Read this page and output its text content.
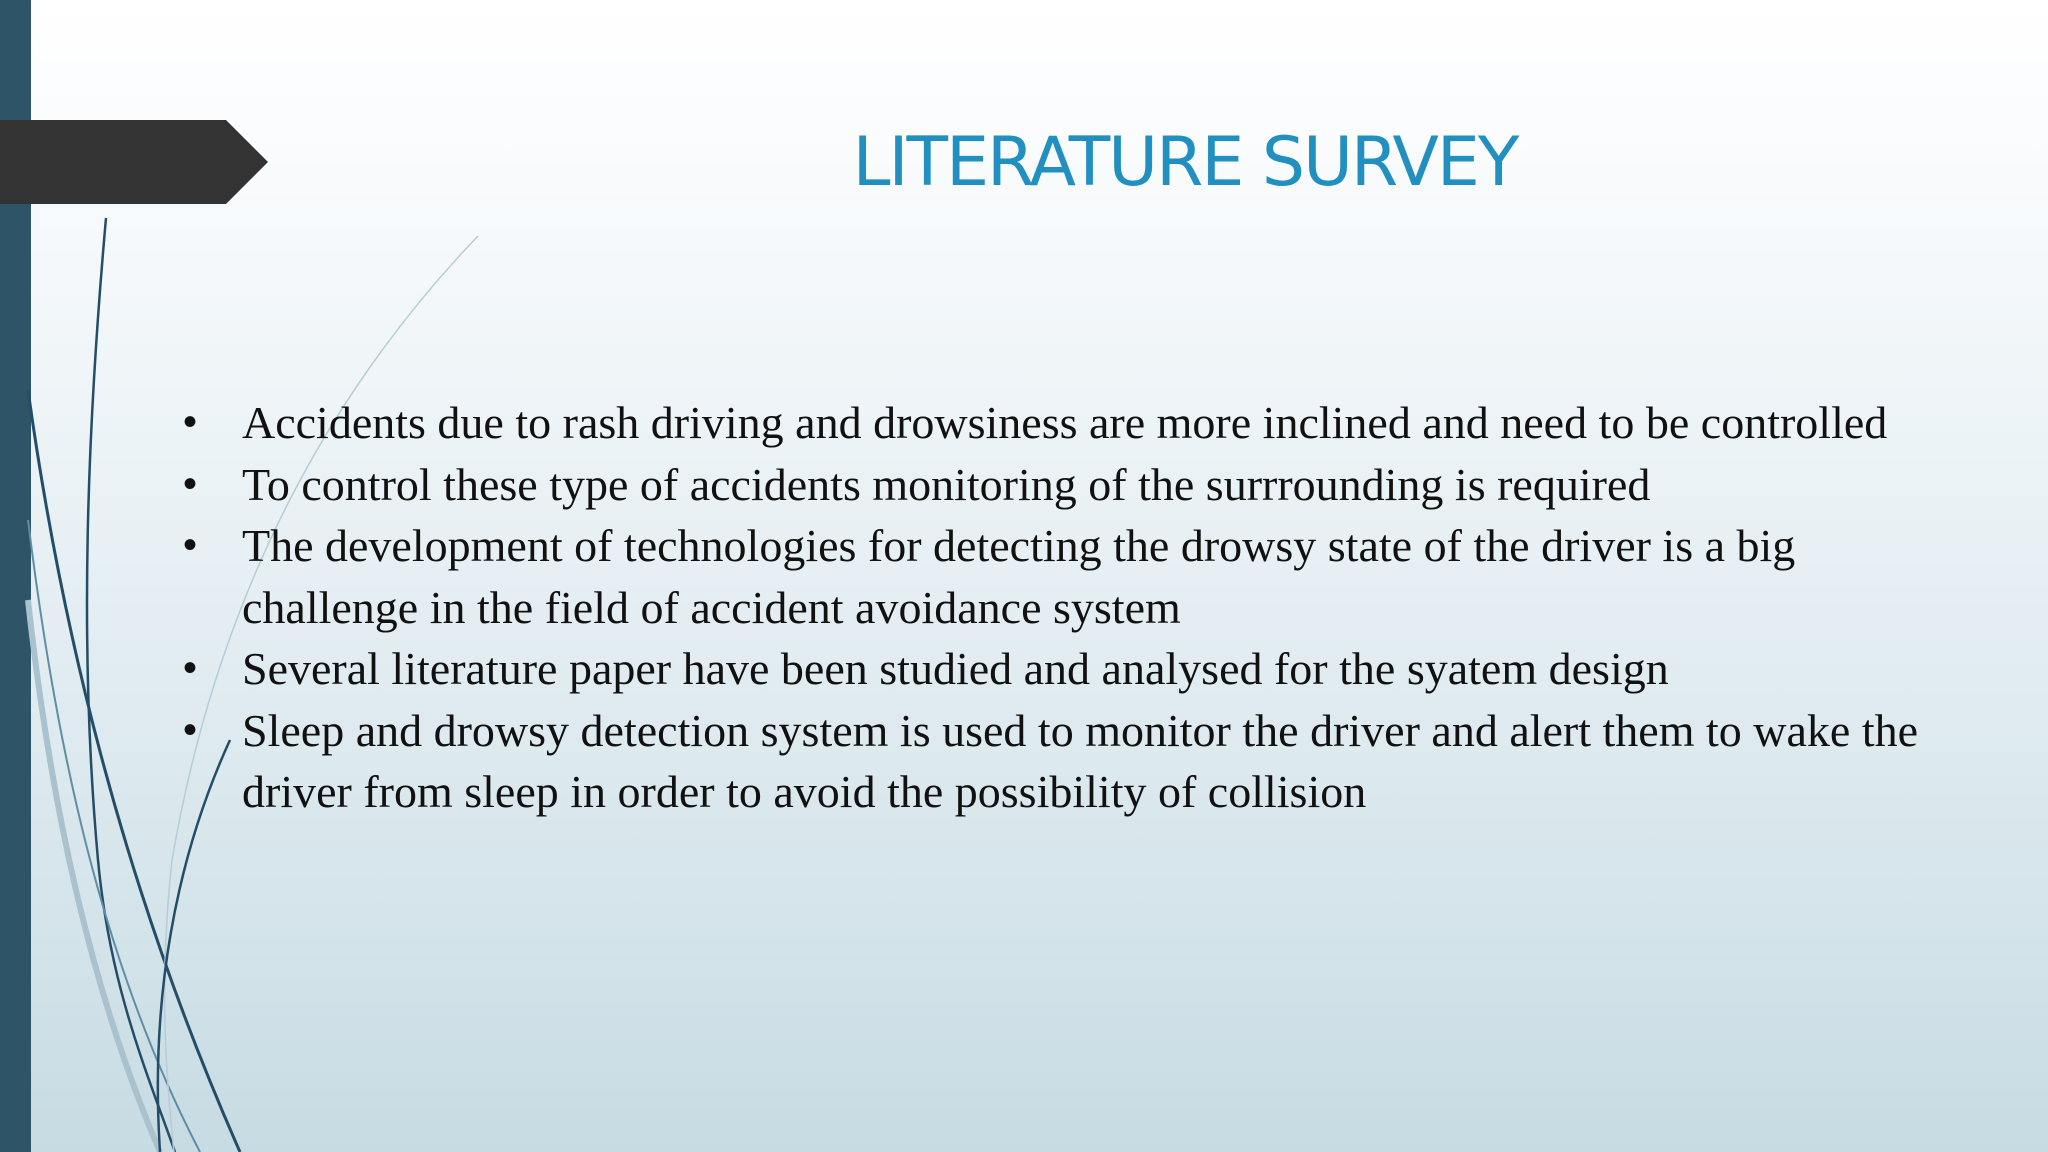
LITERATURE SURVEY
• Accidents due to rash driving and drowsiness are more inclined and need to be controlled
• To control these type of accidents monitoring of the surrrounding is required
• The development of technologies for detecting the drowsy state of the driver is a big challenge in the field of accident avoidance system
• Several literature paper have been studied and analysed for the syatem design
• Sleep and drowsy detection system is used to monitor the driver and alert them to wake the driver from sleep in order to avoid the possibility of collision
